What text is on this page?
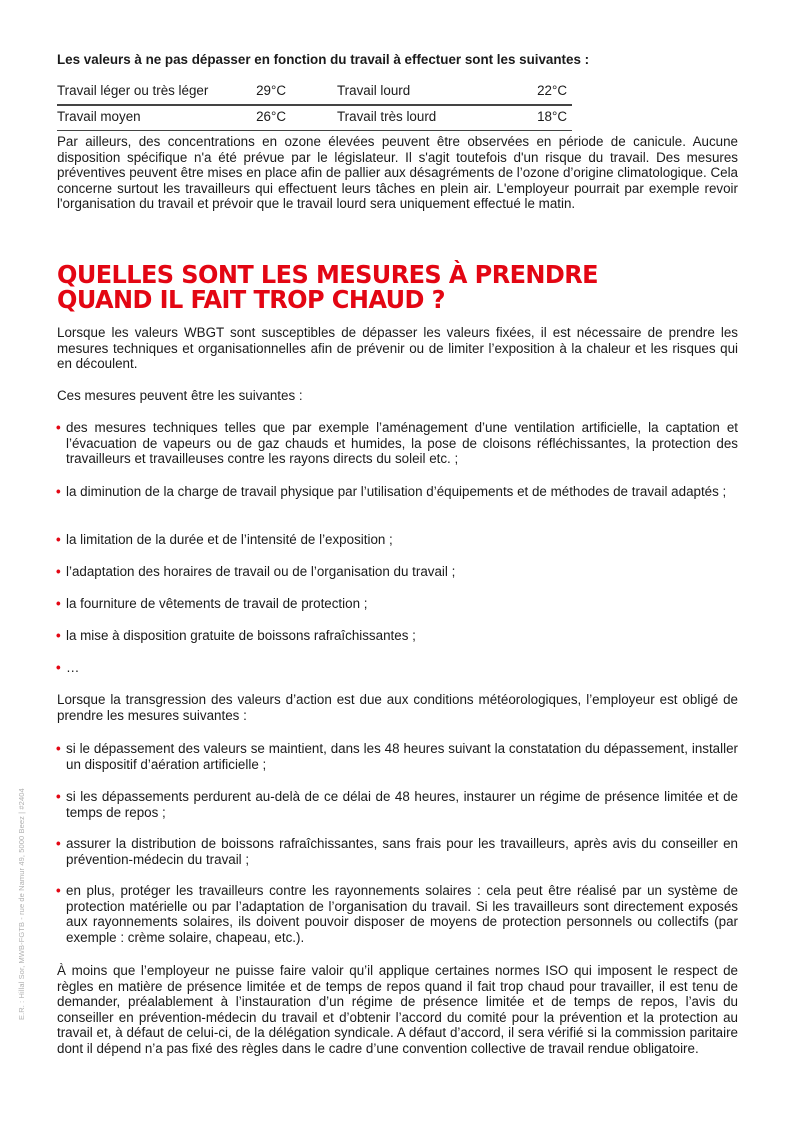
Les valeurs à ne pas dépasser en fonction du travail à effectuer sont les suivantes :
Travail léger ou très léger	29°C	Travail lourd	22°C
Travail moyen	26°C	Travail très lourd	18°C

Par ailleurs, des concentrations en ozone élevées peuvent être observées en période de canicule. Aucune disposition spécifique n'a été prévue par le législateur. Il s'agit toutefois d'un risque du travail. Des mesures préventives peuvent être mises en place afin de pallier aux désagréments de l’ozone d’origine climatologique. Cela concerne surtout les travailleurs qui effectuent leurs tâches en plein air. L'employeur pourrait par exemple revoir l'organisation du travail et prévoir que le travail lourd sera uniquement effectué le matin.

QUELLES SONT LES MESURES À PRENDRE
QUAND IL FAIT TROP CHAUD ?

Lorsque les valeurs WBGT sont susceptibles de dépasser les valeurs fixées, il est nécessaire de prendre les mesures techniques et organisationnelles afin de prévenir ou de limiter l’exposition à la chaleur et les risques qui en découlent.

Ces mesures peuvent être les suivantes :

• des mesures techniques telles que par exemple l’aménagement d’une ventilation artificielle, la captation et l’évacuation de vapeurs ou de gaz chauds et humides, la pose de cloisons réfléchissantes, la protection des travailleurs et travailleuses contre les rayons directs du soleil etc. ;
• la diminution de la charge de travail physique par l’utilisation d’équipements et de méthodes de travail adaptés ;
• la limitation de la durée et de l’intensité de l’exposition ;
• l’adaptation des horaires de travail ou de l’organisation du travail ;
• la fourniture de vêtements de travail de protection ;
• la mise à disposition gratuite de boissons rafraîchissantes ;
• …

Lorsque la transgression des valeurs d’action est due aux conditions météorologiques, l’employeur est obligé de prendre les mesures suivantes :

• si le dépassement des valeurs se maintient, dans les 48 heures suivant la constatation du dépassement, installer un dispositif d’aération artificielle ;
• si les dépassements perdurent au-delà de ce délai de 48 heures, instaurer un régime de présence limitée et de temps de repos ;
• assurer la distribution de boissons rafraîchissantes, sans frais pour les travailleurs, après avis du conseiller en prévention-médecin du travail ;
• en plus, protéger les travailleurs contre les rayonnements solaires : cela peut être réalisé par un système de protection matérielle ou par l’adaptation de l’organisation du travail. Si les travailleurs sont directement exposés aux rayonnements solaires, ils doivent pouvoir disposer de moyens de protection personnels ou collectifs (par exemple : crème solaire, chapeau, etc.).

À moins que l’employeur ne puisse faire valoir qu’il applique certaines normes ISO qui imposent le respect de règles en matière de présence limitée et de temps de repos quand il fait trop chaud pour travailler, il est tenu de demander, préalablement à l’instauration d’un régime de présence limitée et de temps de repos, l’avis du conseiller en prévention-médecin du travail et d’obtenir l’accord du comité pour la prévention et la protection au travail et, à défaut de celui-ci, de la délégation syndicale. A défaut d’accord, il sera vérifié si la commission paritaire dont il dépend n’a pas fixé des règles dans le cadre d’une convention collective de travail rendue obligatoire.

E.R. : Hillal Sor, MWB-FGTB - rue de Namur 49, 5000 Beez | #2404
